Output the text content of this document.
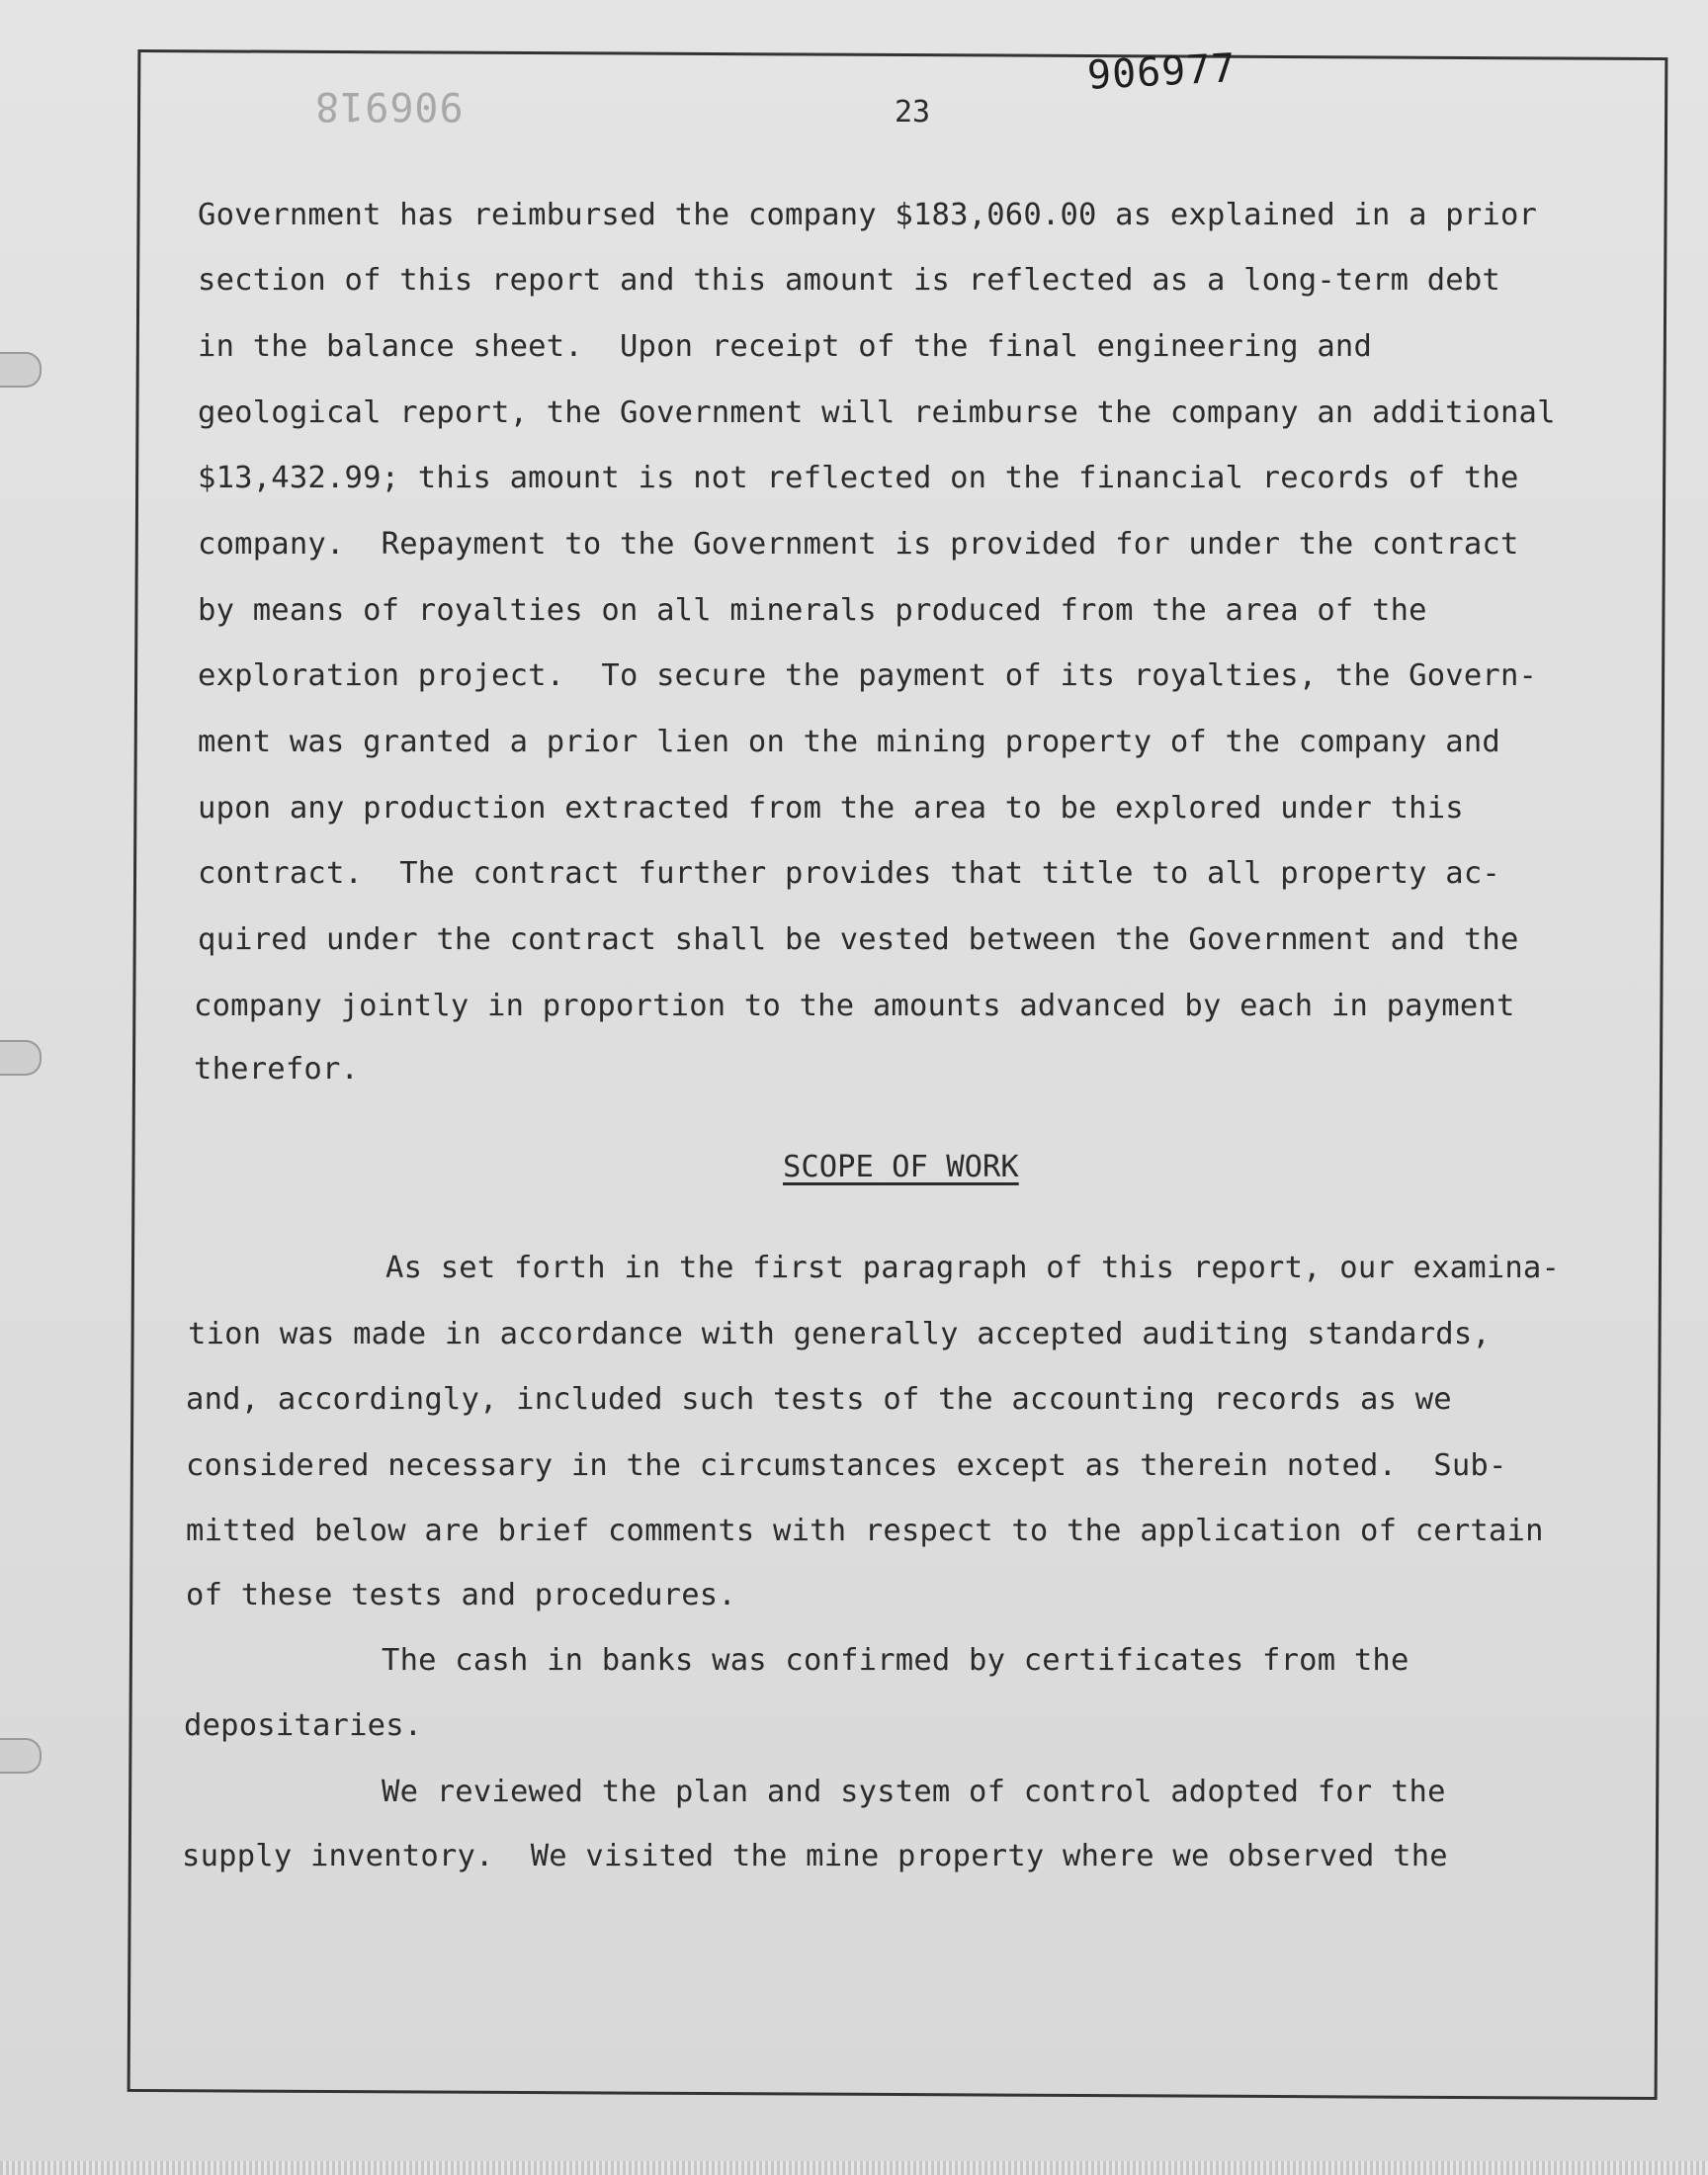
906918
906977
23
Government has reimbursed the company $183,060.00 as explained in a prior
section of this report and this amount is reflected as a long-term debt
in the balance sheet.  Upon receipt of the final engineering and
geological report, the Government will reimburse the company an additional
$13,432.99; this amount is not reflected on the financial records of the
company.  Repayment to the Government is provided for under the contract
by means of royalties on all minerals produced from the area of the
exploration project.  To secure the payment of its royalties, the Govern-
ment was granted a prior lien on the mining property of the company and
upon any production extracted from the area to be explored under this
contract.  The contract further provides that title to all property ac-
quired under the contract shall be vested between the Government and the
company jointly in proportion to the amounts advanced by each in payment
therefor.
SCOPE OF WORK
As set forth in the first paragraph of this report, our examina-
tion was made in accordance with generally accepted auditing standards,
and, accordingly, included such tests of the accounting records as we
considered necessary in the circumstances except as therein noted.  Sub-
mitted below are brief comments with respect to the application of certain
of these tests and procedures.
The cash in banks was confirmed by certificates from the
depositaries.
We reviewed the plan and system of control adopted for the
supply inventory.  We visited the mine property where we observed the
